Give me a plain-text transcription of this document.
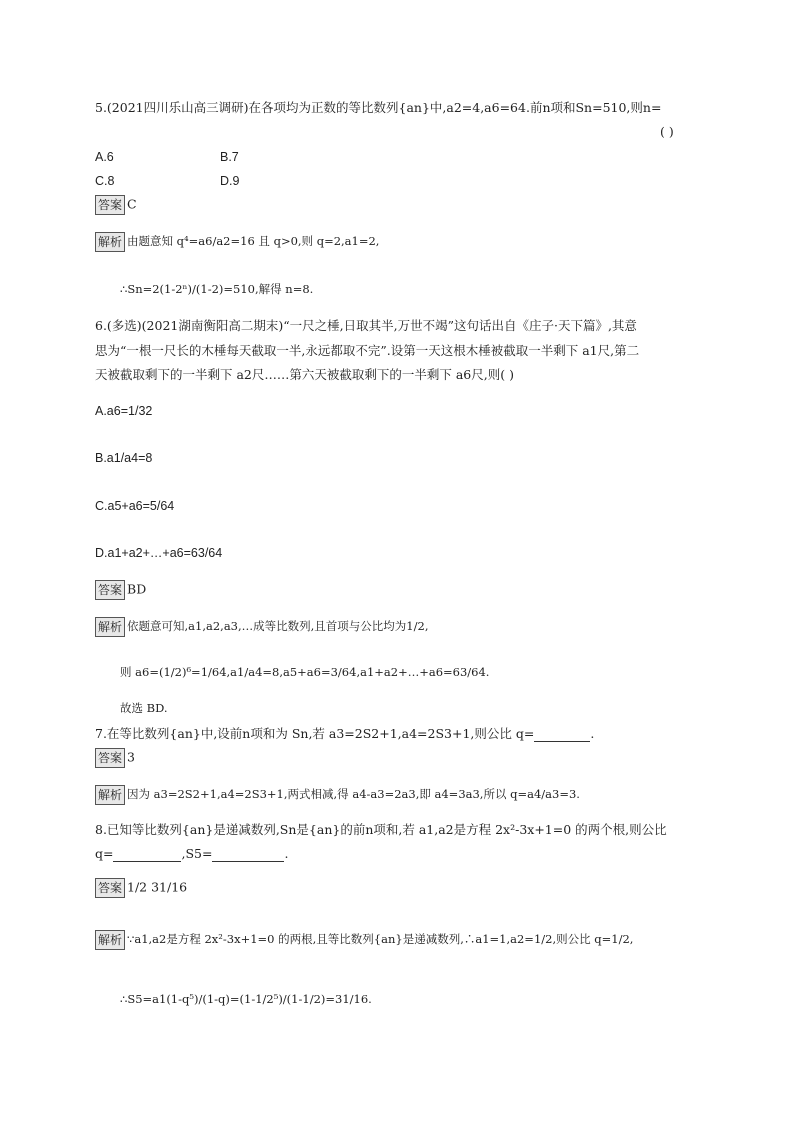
5.(2021四川乐山高三调研)在各项均为正数的等比数列{an}中,a2=4,a6=64.前n项和Sn=510,则n=
( )
A.6	B.7
C.8	D.9
答案 C
解析 由题意知 q⁴=a6/a2=16 且 q>0,则 q=2,a1=2,
∴Sn=2(1-2ⁿ)/(1-2)=510,解得 n=8.
6.(多选)(2021湖南衡阳高二期末)“一尺之棰,日取其半,万世不竭”这句话出自《庄子·天下篇》,其意
思为“一根一尺长的木棰每天截取一半,永远都取不完”.设第一天这根木棰被截取一半剩下 a1尺,第二
天被截取剩下的一半剩下 a2尺……第六天被截取剩下的一半剩下 a6尺,则( )
A.a6=1/32
B.a1/a4=8
C.a5+a6=5/64
D.a1+a2+…+a6=63/64
答案 BD
解析 依题意可知,a1,a2,a3,…成等比数列,且首项与公比均为1/2,
则 a6=(1/2)⁶=1/64,a1/a4=8,a5+a6=3/64,a1+a2+…+a6=63/64.
故选 BD.
7.在等比数列{an}中,设前n项和为 Sn,若 a3=2S2+1,a4=2S3+1,则公比 q=	.
答案 3
解析 因为 a3=2S2+1,a4=2S3+1,两式相减,得 a4-a3=2a3,即 a4=3a3,所以 q=a4/a3=3.
8.已知等比数列{an}是递减数列,Sn是{an}的前n项和,若 a1,a2是方程 2x²-3x+1=0 的两个根,则公比
q=	,S5=	.
答案 1/2 31/16
解析 ∵a1,a2是方程 2x²-3x+1=0 的两根,且等比数列{an}是递减数列,∴a1=1,a2=1/2,则公比 q=1/2,
∴S5=a1(1-q⁵)/(1-q)=(1-1/2⁵)/(1-1/2)=31/16.
